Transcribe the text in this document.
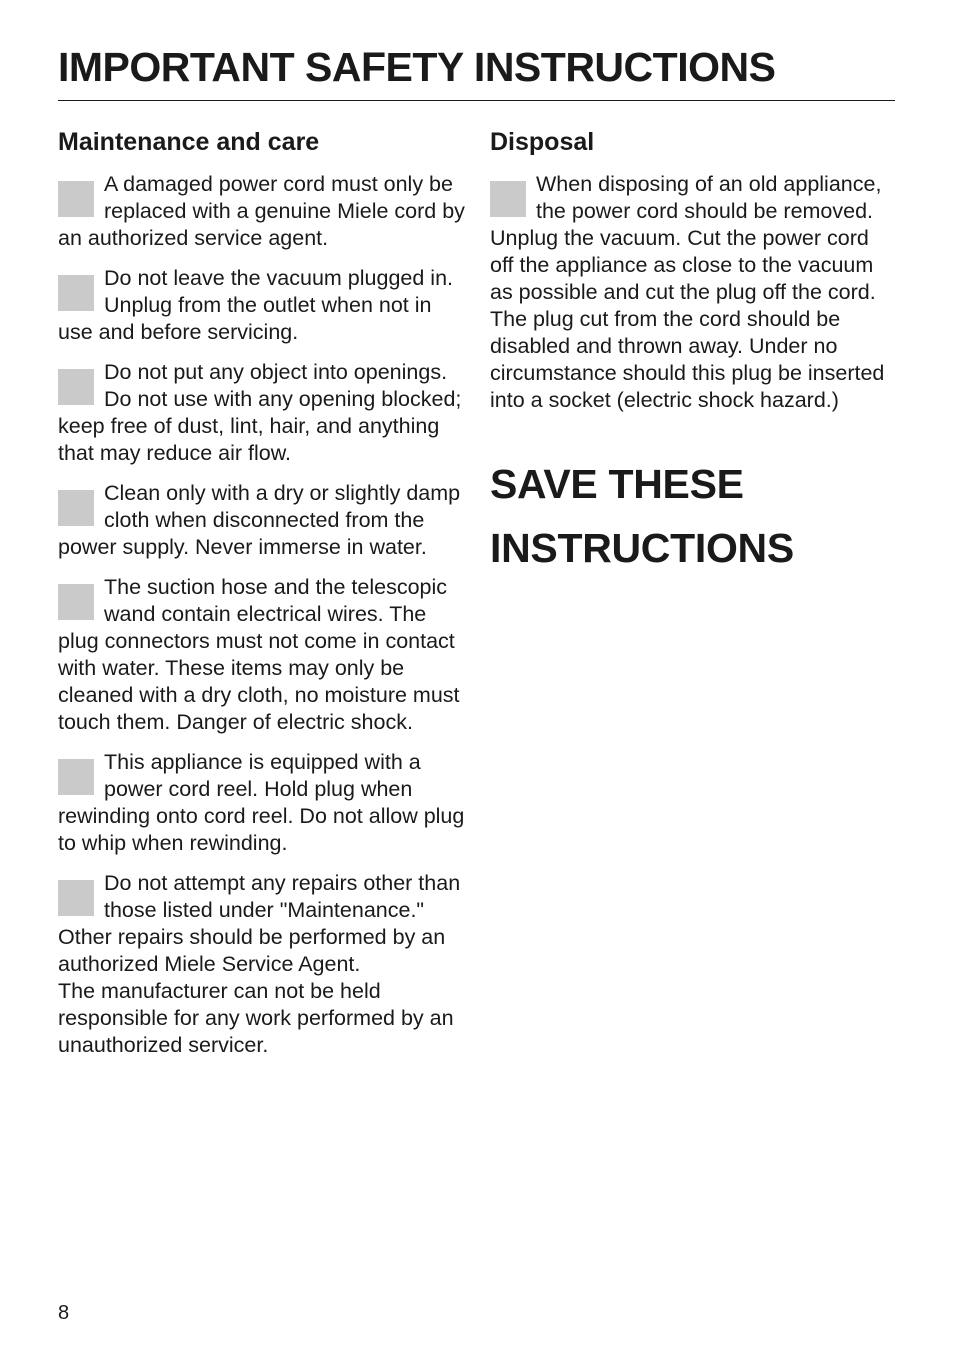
IMPORTANT SAFETY INSTRUCTIONS
Maintenance and care
A damaged power cord must only be replaced with a genuine Miele cord by an authorized service agent.
Do not leave the vacuum plugged in. Unplug from the outlet when not in use and before servicing.
Do not put any object into openings. Do not use with any opening blocked; keep free of dust, lint, hair, and anything that may reduce air flow.
Clean only with a dry or slightly damp cloth when disconnected from the power supply. Never immerse in water.
The suction hose and the telescopic wand contain electrical wires. The plug connectors must not come in contact with water. These items may only be cleaned with a dry cloth, no moisture must touch them. Danger of electric shock.
This appliance is equipped with a power cord reel. Hold plug when rewinding onto cord reel. Do not allow plug to whip when rewinding.
Do not attempt any repairs other than those listed under "Maintenance." Other repairs should be performed by an authorized Miele Service Agent.
The manufacturer can not be held responsible for any work performed by an unauthorized servicer.
Disposal
When disposing of an old appliance, the power cord should be removed. Unplug the vacuum. Cut the power cord off the appliance as close to the vacuum as possible and cut the plug off the cord. The plug cut from the cord should be disabled and thrown away. Under no circumstance should this plug be inserted into a socket (electric shock hazard.)
SAVE THESE
INSTRUCTIONS
8
